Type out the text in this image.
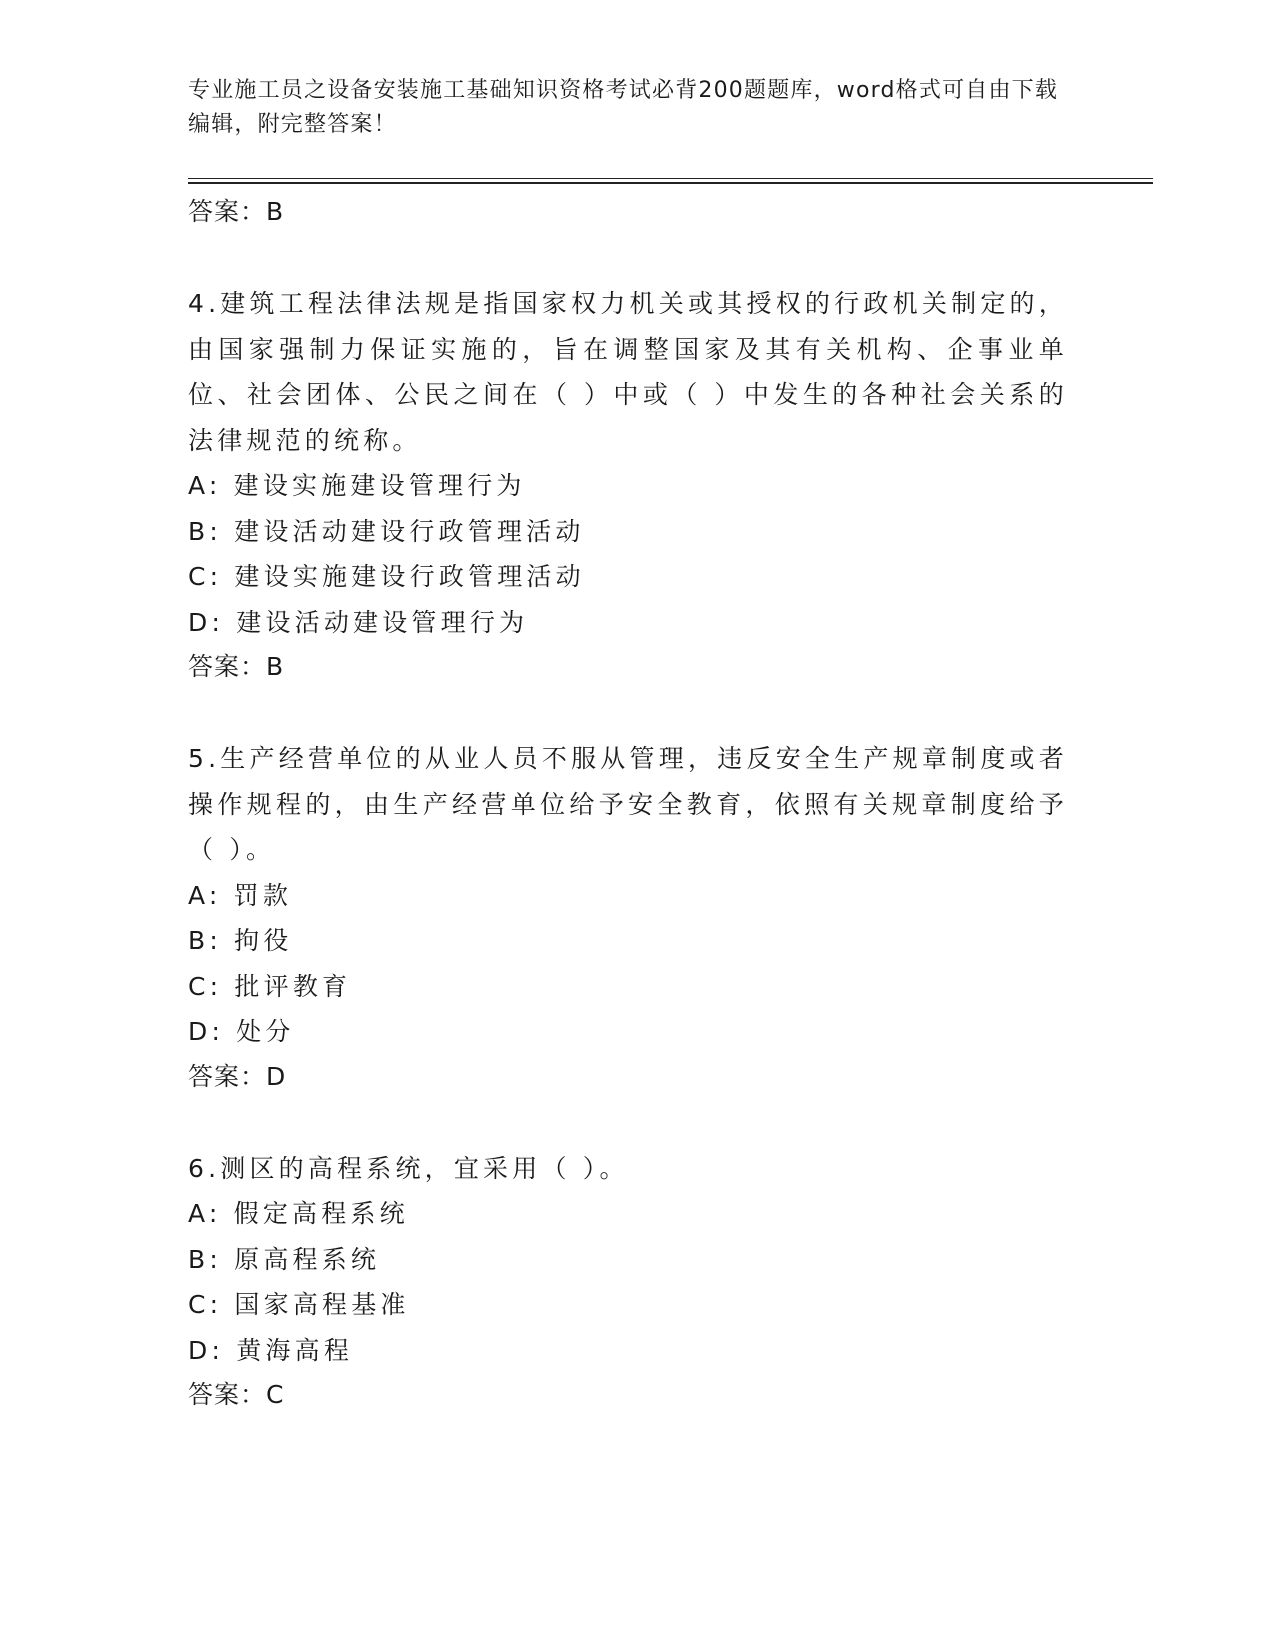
专业施工员之设备安装施工基础知识资格考试必背200题题库，word格式可自由下载编辑，附完整答案！
答案：B
4.建筑工程法律法规是指国家权力机关或其授权的行政机关制定的，由国家强制力保证实施的，旨在调整国家及其有关机构、企事业单位、社会团体、公民之间在（ ）中或（ ）中发生的各种社会关系的法律规范的统称。
A: 建设实施建设管理行为
B: 建设活动建设行政管理活动
C: 建设实施建设行政管理活动
D: 建设活动建设管理行为
答案：B
5.生产经营单位的从业人员不服从管理，违反安全生产规章制度或者操作规程的，由生产经营单位给予安全教育，依照有关规章制度给予（ ）。
A: 罚款
B: 拘役
C: 批评教育
D: 处分
答案：D
6.测区的高程系统，宜采用（ ）。
A: 假定高程系统
B: 原高程系统
C: 国家高程基准
D: 黄海高程
答案：C
